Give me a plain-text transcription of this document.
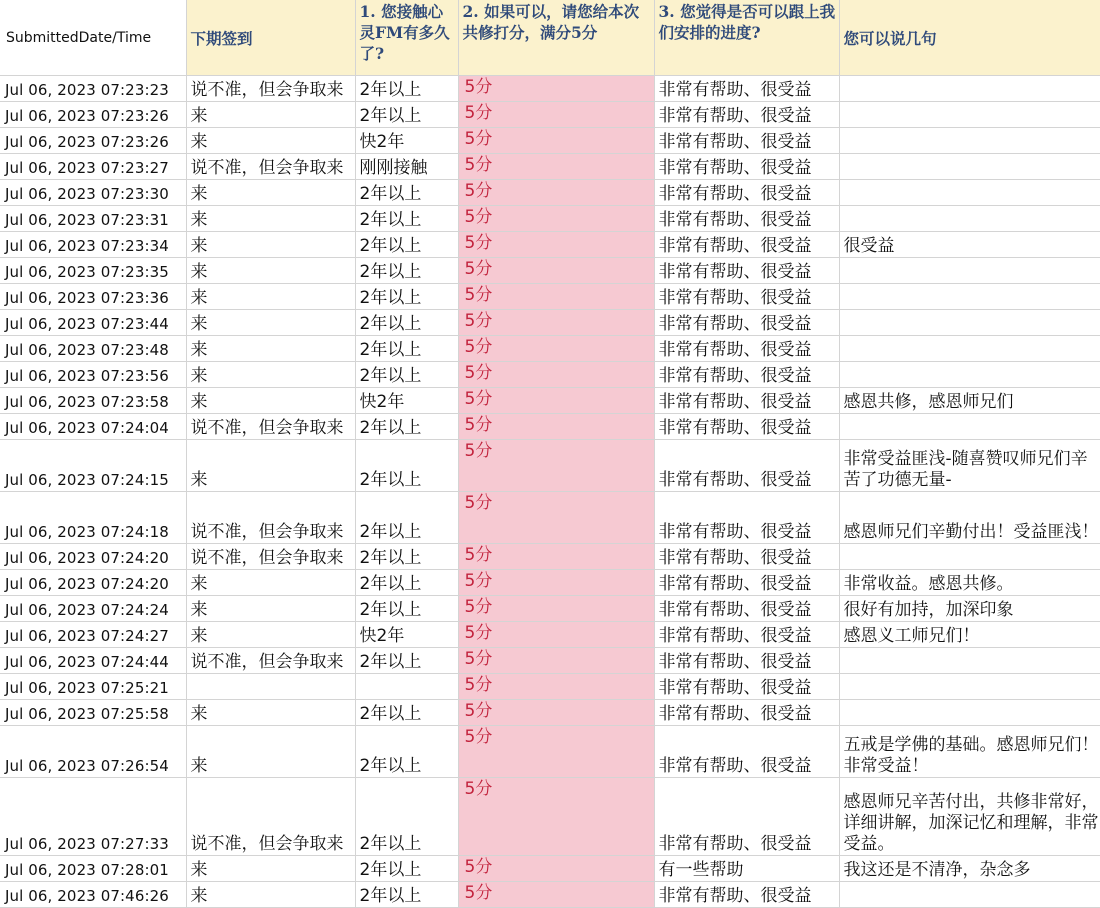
SubmittedDate/Time	下期签到	1. 您接触心灵FM有多久了?	2. 如果可以，请您给本次共修打分，满分5分	3. 您觉得是否可以跟上我们安排的进度?	您可以说几句
Jul 06, 2023 07:23:23	说不准，但会争取来	2年以上	5分	非常有帮助、很受益	
Jul 06, 2023 07:23:26	来	2年以上	5分	非常有帮助、很受益	
Jul 06, 2023 07:23:26	来	快2年	5分	非常有帮助、很受益	
Jul 06, 2023 07:23:27	说不准，但会争取来	刚刚接触	5分	非常有帮助、很受益	
Jul 06, 2023 07:23:30	来	2年以上	5分	非常有帮助、很受益	
Jul 06, 2023 07:23:31	来	2年以上	5分	非常有帮助、很受益	
Jul 06, 2023 07:23:34	来	2年以上	5分	非常有帮助、很受益	很受益
Jul 06, 2023 07:23:35	来	2年以上	5分	非常有帮助、很受益	
Jul 06, 2023 07:23:36	来	2年以上	5分	非常有帮助、很受益	
Jul 06, 2023 07:23:44	来	2年以上	5分	非常有帮助、很受益	
Jul 06, 2023 07:23:48	来	2年以上	5分	非常有帮助、很受益	
Jul 06, 2023 07:23:56	来	2年以上	5分	非常有帮助、很受益	
Jul 06, 2023 07:23:58	来	快2年	5分	非常有帮助、很受益	感恩共修，感恩师兄们
Jul 06, 2023 07:24:04	说不准，但会争取来	2年以上	5分	非常有帮助、很受益	
Jul 06, 2023 07:24:15	来	2年以上	5分	非常有帮助、很受益	非常受益匪浅-随喜赞叹师兄们辛苦了功德无量-
Jul 06, 2023 07:24:18	说不准，但会争取来	2年以上	5分	非常有帮助、很受益	感恩师兄们辛勤付出！受益匪浅！
Jul 06, 2023 07:24:20	说不准，但会争取来	2年以上	5分	非常有帮助、很受益	
Jul 06, 2023 07:24:20	来	2年以上	5分	非常有帮助、很受益	非常收益。感恩共修。
Jul 06, 2023 07:24:24	来	2年以上	5分	非常有帮助、很受益	很好有加持，加深印象
Jul 06, 2023 07:24:27	来	快2年	5分	非常有帮助、很受益	感恩义工师兄们！
Jul 06, 2023 07:24:44	说不准，但会争取来	2年以上	5分	非常有帮助、很受益	
Jul 06, 2023 07:25:21			5分	非常有帮助、很受益	
Jul 06, 2023 07:25:58	来	2年以上	5分	非常有帮助、很受益	
Jul 06, 2023 07:26:54	来	2年以上	5分	非常有帮助、很受益	五戒是学佛的基础。感恩师兄们！非常受益！
Jul 06, 2023 07:27:33	说不准，但会争取来	2年以上	5分	非常有帮助、很受益	感恩师兄辛苦付出，共修非常好，详细讲解，加深记忆和理解，非常受益。
Jul 06, 2023 07:28:01	来	2年以上	5分	有一些帮助	我这还是不清净，杂念多
Jul 06, 2023 07:46:26	来	2年以上	5分	非常有帮助、很受益	
